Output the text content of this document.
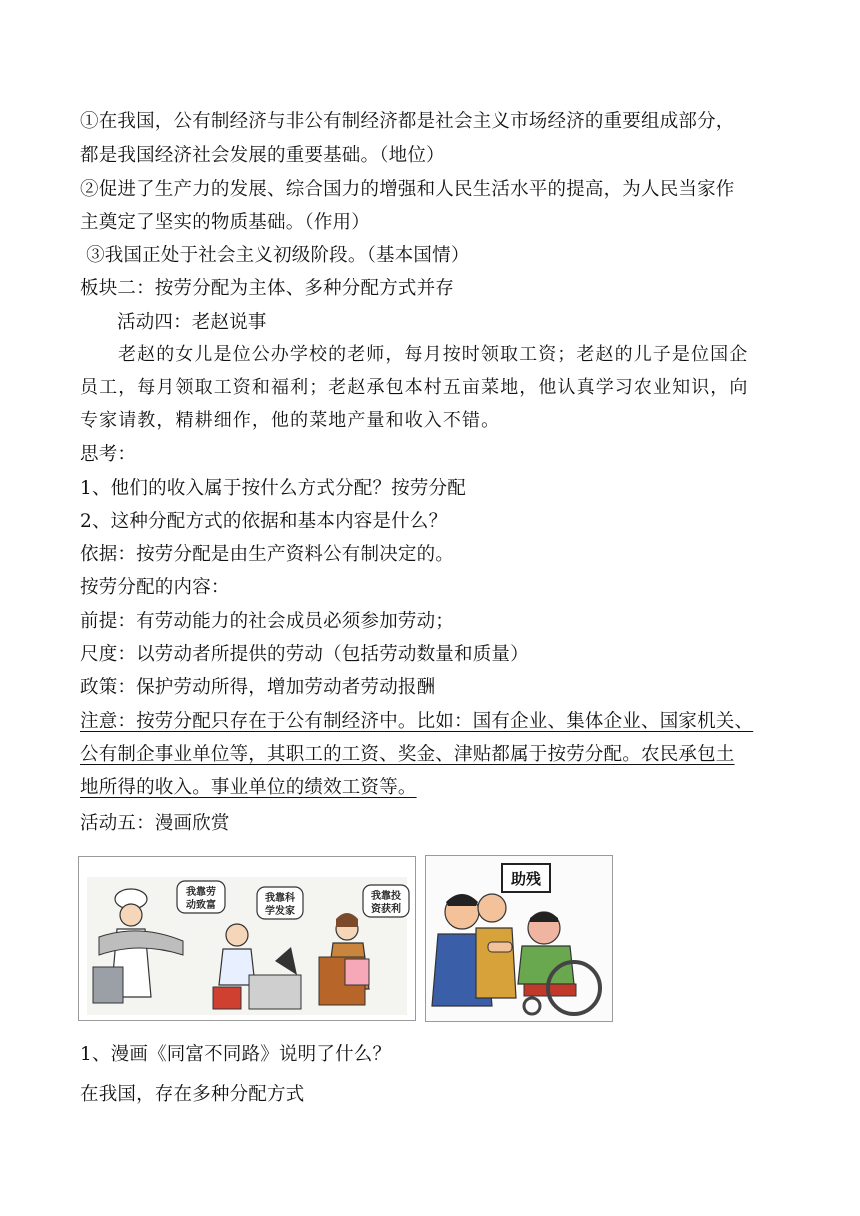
①在我国，公有制经济与非公有制经济都是社会主义市场经济的重要组成部分，
都是我国经济社会发展的重要基础。（地位）
②促进了生产力的发展、综合国力的增强和人民生活水平的提高，为人民当家作
主奠定了坚实的物质基础。（作用）
③我国正处于社会主义初级阶段。（基本国情）
板块二：按劳分配为主体、多种分配方式并存
活动四：老赵说事
老赵的女儿是位公办学校的老师，每月按时领取工资；老赵的儿子是位国企
员工，每月领取工资和福利；老赵承包本村五亩菜地，他认真学习农业知识，向
专家请教，精耕细作，他的菜地产量和收入不错。
思考：
1、他们的收入属于按什么方式分配？按劳分配
2、这种分配方式的依据和基本内容是什么？
依据：按劳分配是由生产资料公有制决定的。
按劳分配的内容：
前提：有劳动能力的社会成员必须参加劳动；
尺度：以劳动者所提供的劳动（包括劳动数量和质量）
政策：保护劳动所得，增加劳动者劳动报酬
注意：按劳分配只存在于公有制经济中。比如：国有企业、集体企业、国家机关、
公有制企事业单位等，其职工的工资、奖金、津贴都属于按劳分配。农民承包土
地所得的收入。事业单位的绩效工资等。
活动五：漫画欣赏
我靠劳
动致富
我靠科
学发家
我靠投
资获利
助残
1、漫画《同富不同路》说明了什么？
在我国，存在多种分配方式
